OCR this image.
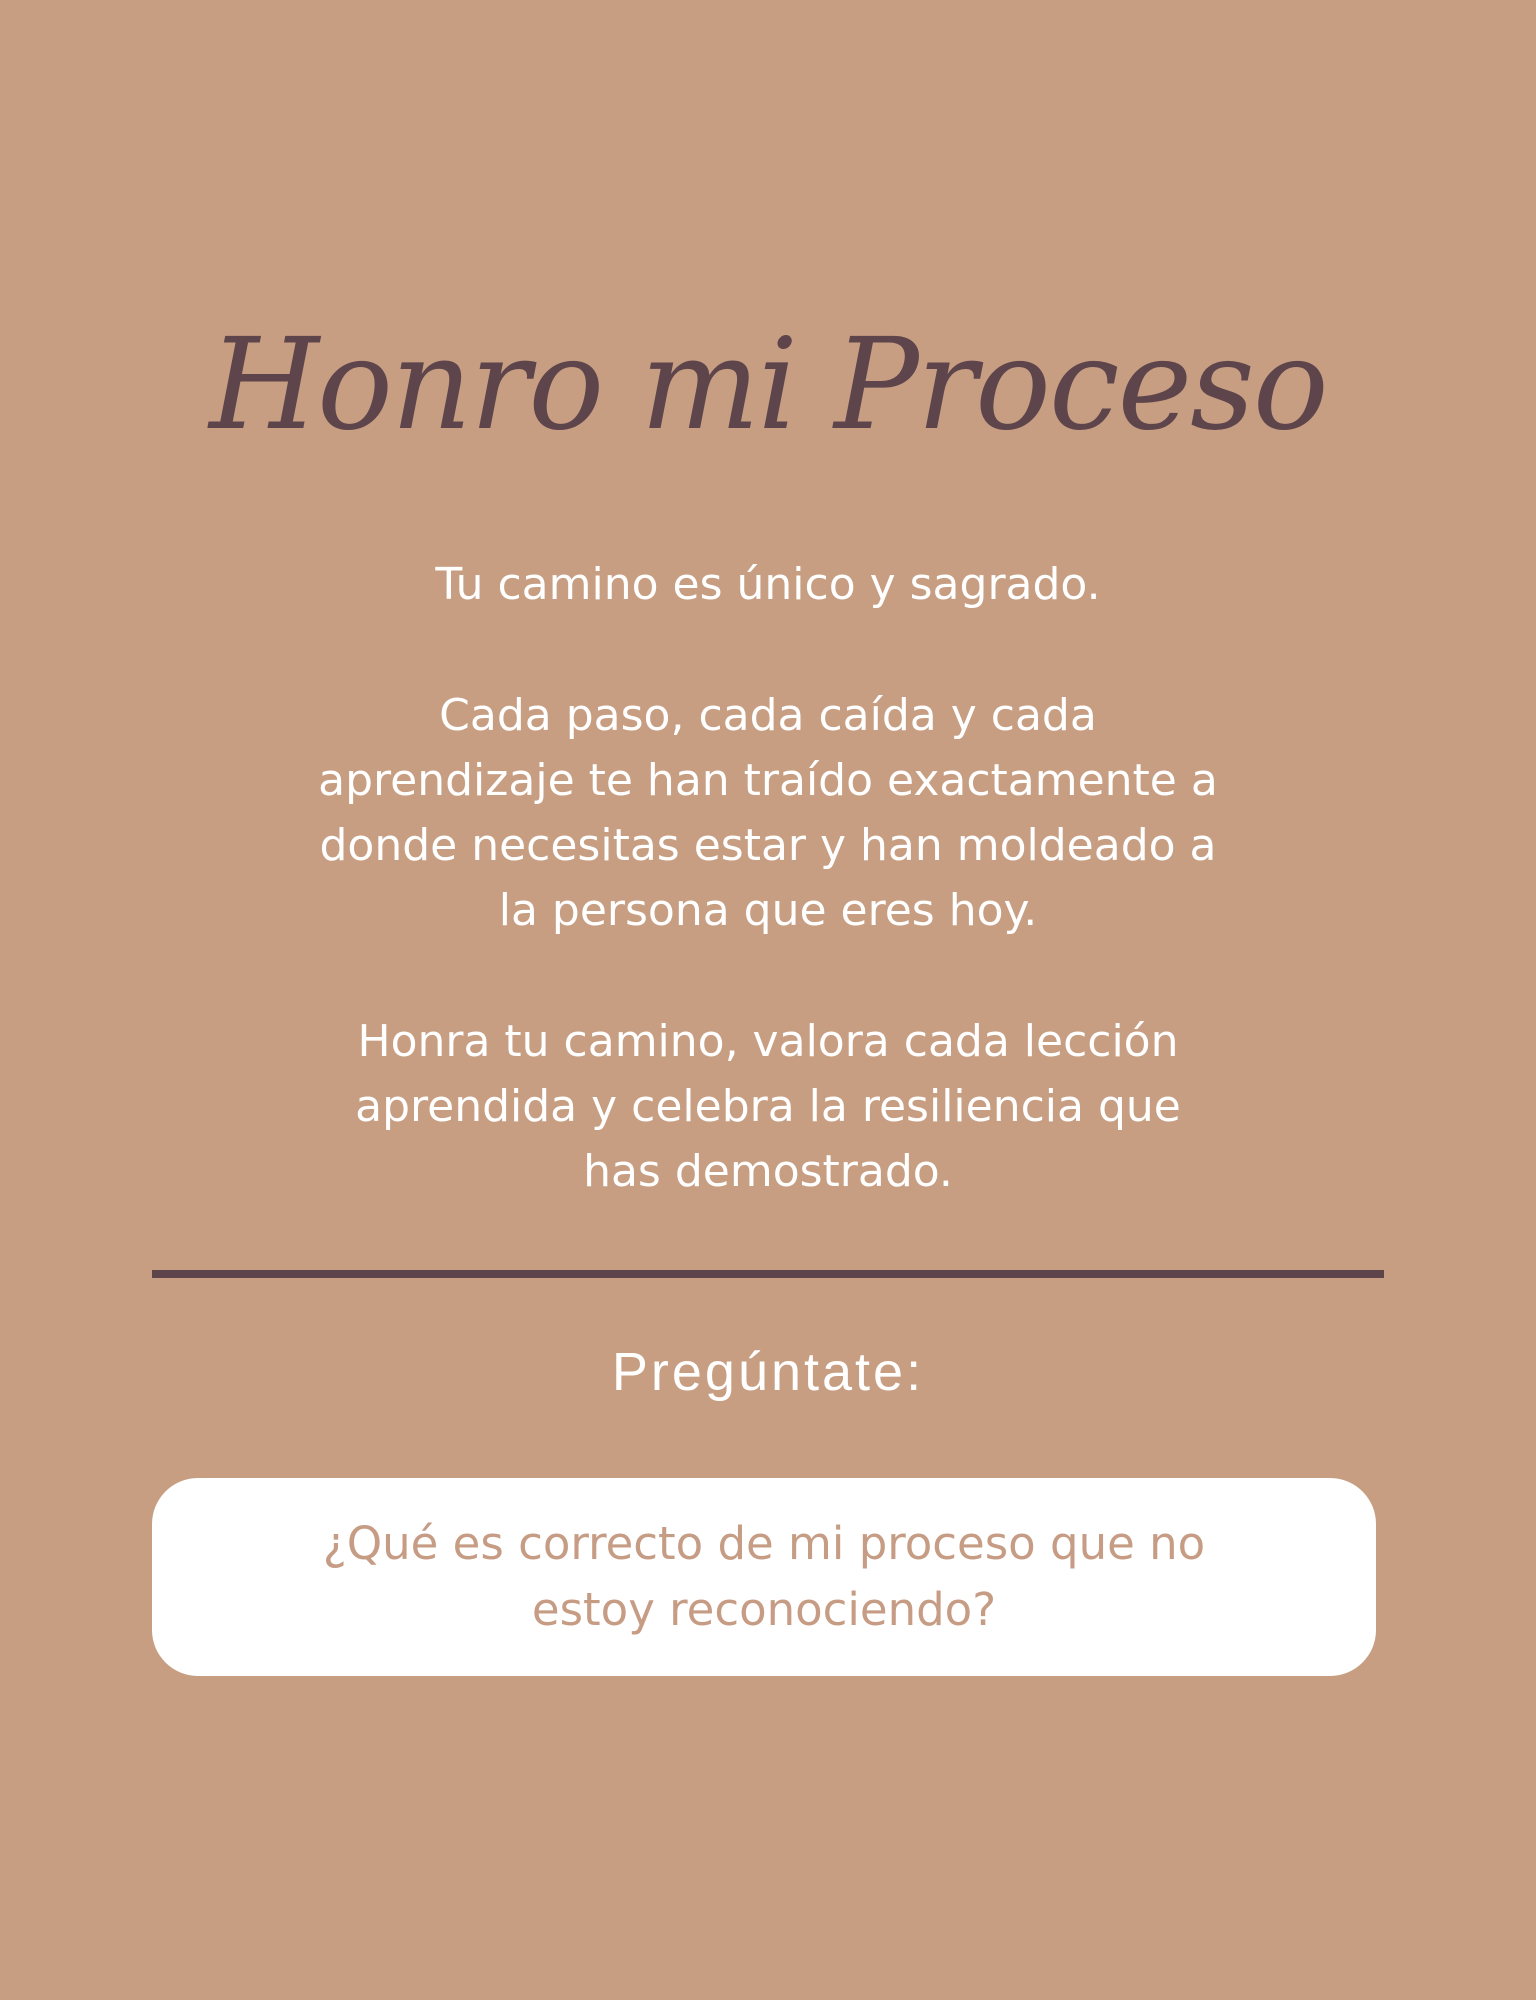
Honro mi Proceso

Tu camino es único y sagrado.

Cada paso, cada caída y cada
aprendizaje te han traído exactamente a
donde necesitas estar y han moldeado a
la persona que eres hoy.

Honra tu camino, valora cada lección
aprendida y celebra la resiliencia que
has demostrado.

Pregúntate:

¿Qué es correcto de mi proceso que no
estoy reconociendo?
